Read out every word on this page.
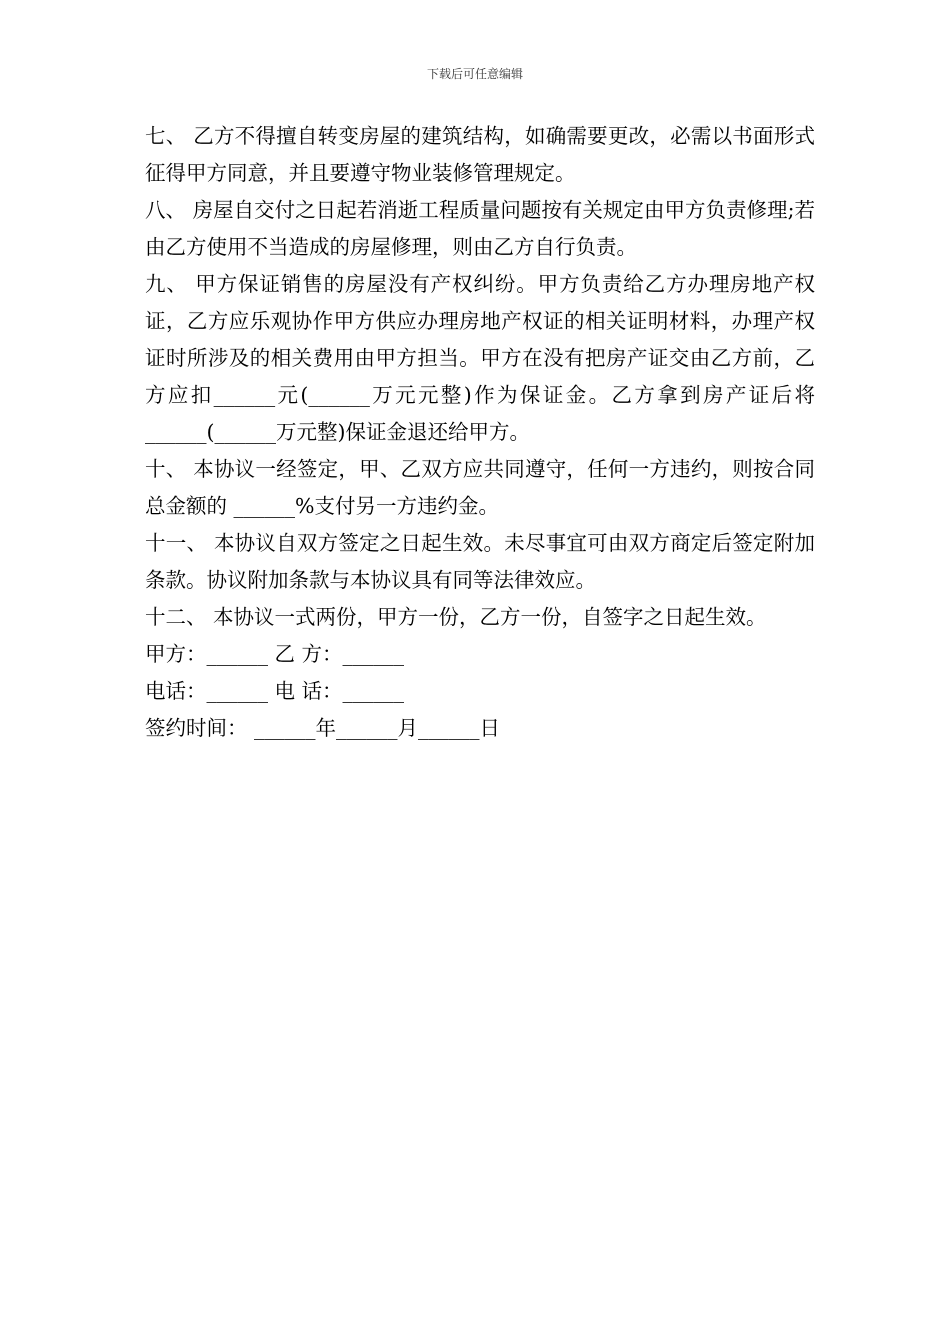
下载后可任意编辑

七、 乙方不得擅自转变房屋的建筑结构，如确需要更改，必需以书面形式征得甲方同意，并且要遵守物业装修管理规定。

八、 房屋自交付之日起若消逝工程质量问题按有关规定由甲方负责修理;若由乙方使用不当造成的房屋修理，则由乙方自行负责。

九、 甲方保证销售的房屋没有产权纠纷。甲方负责给乙方办理房地产权证，乙方应乐观协作甲方供应办理房地产权证的相关证明材料，办理产权证时所涉及的相关费用由甲方担当。甲方在没有把房产证交由乙方前，乙方应扣______元(______万元元整)作为保证金。乙方拿到房产证后将______(______万元整)保证金退还给甲方。

十、 本协议一经签定，甲、乙双方应共同遵守，任何一方违约，则按合同总金额的 ______%支付另一方违约金。

十一、 本协议自双方签定之日起生效。未尽事宜可由双方商定后签定附加条款。协议附加条款与本协议具有同等法律效应。

十二、 本协议一式两份，甲方一份，乙方一份，自签字之日起生效。

甲方：______ 乙 方：______

电话：______ 电 话：______

签约时间： ______年______月______日
